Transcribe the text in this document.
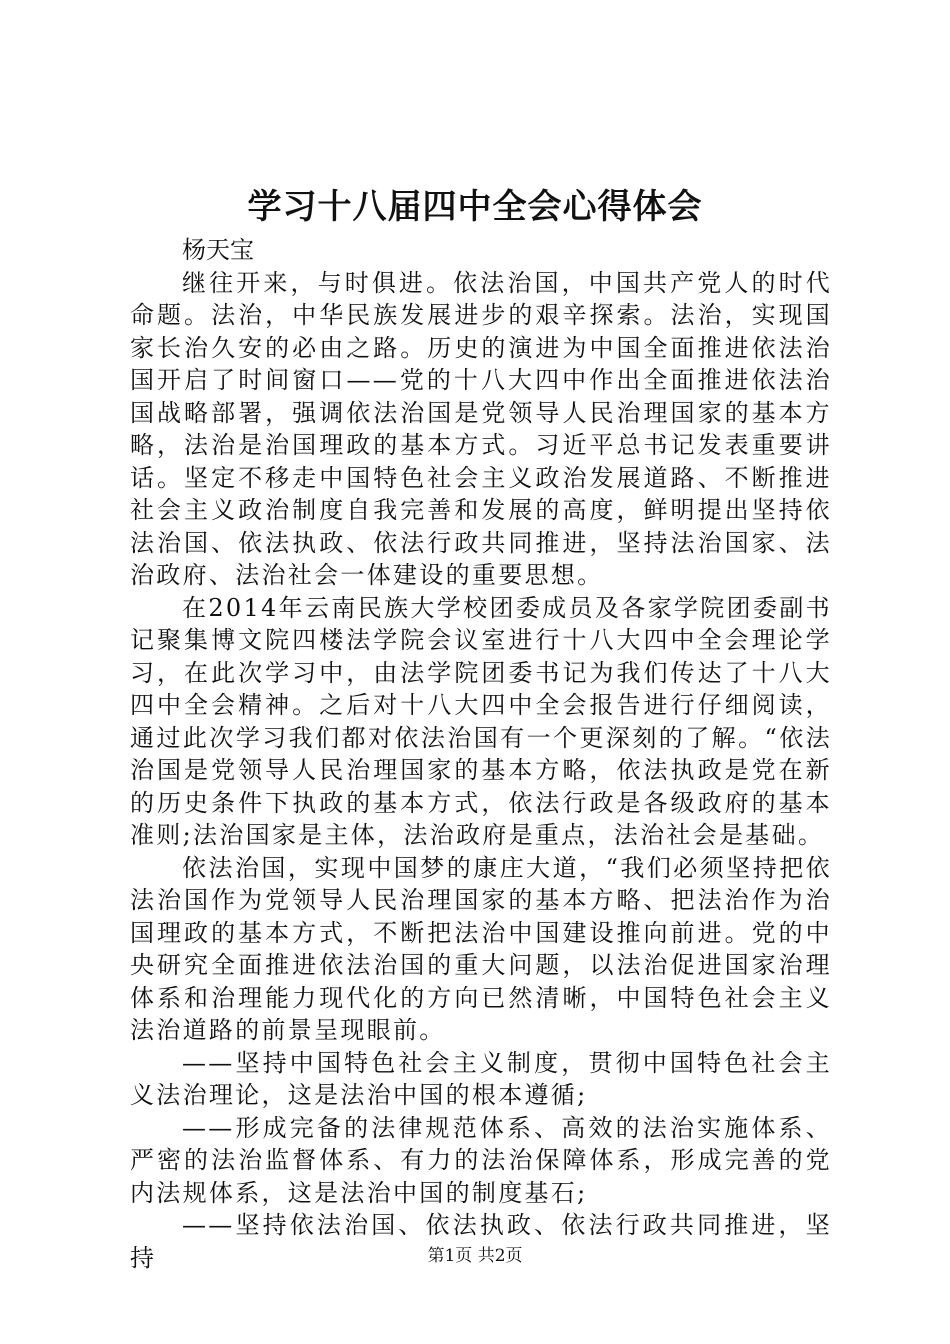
学习十八届四中全会心得体会

杨天宝

继往开来，与时俱进。依法治国，中国共产党人的时代命题。法治，中华民族发展进步的艰辛探索。法治，实现国家长治久安的必由之路。历史的演进为中国全面推进依法治国开启了时间窗口——党的十八大四中作出全面推进依法治国战略部署，强调依法治国是党领导人民治理国家的基本方略，法治是治国理政的基本方式。习近平总书记发表重要讲话。坚定不移走中国特色社会主义政治发展道路、不断推进社会主义政治制度自我完善和发展的高度，鲜明提出坚持依法治国、依法执政、依法行政共同推进，坚持法治国家、法治政府、法治社会一体建设的重要思想。

在2014年云南民族大学校团委成员及各家学院团委副书记聚集博文院四楼法学院会议室进行十八大四中全会理论学习，在此次学习中，由法学院团委书记为我们传达了十八大四中全会精神。之后对十八大四中全会报告进行仔细阅读，通过此次学习我们都对依法治国有一个更深刻的了解。“依法治国是党领导人民治理国家的基本方略，依法执政是党在新的历史条件下执政的基本方式，依法行政是各级政府的基本准则;法治国家是主体，法治政府是重点，法治社会是基础。

依法治国，实现中国梦的康庄大道，“我们必须坚持把依法治国作为党领导人民治理国家的基本方略、把法治作为治国理政的基本方式，不断把法治中国建设推向前进。党的中央研究全面推进依法治国的重大问题，以法治促进国家治理体系和治理能力现代化的方向已然清晰，中国特色社会主义法治道路的前景呈现眼前。

——坚持中国特色社会主义制度，贯彻中国特色社会主义法治理论，这是法治中国的根本遵循;

——形成完备的法律规范体系、高效的法治实施体系、严密的法治监督体系、有力的法治保障体系，形成完善的党内法规体系，这是法治中国的制度基石;

——坚持依法治国、依法执政、依法行政共同推进，坚持	第1页 共2页
